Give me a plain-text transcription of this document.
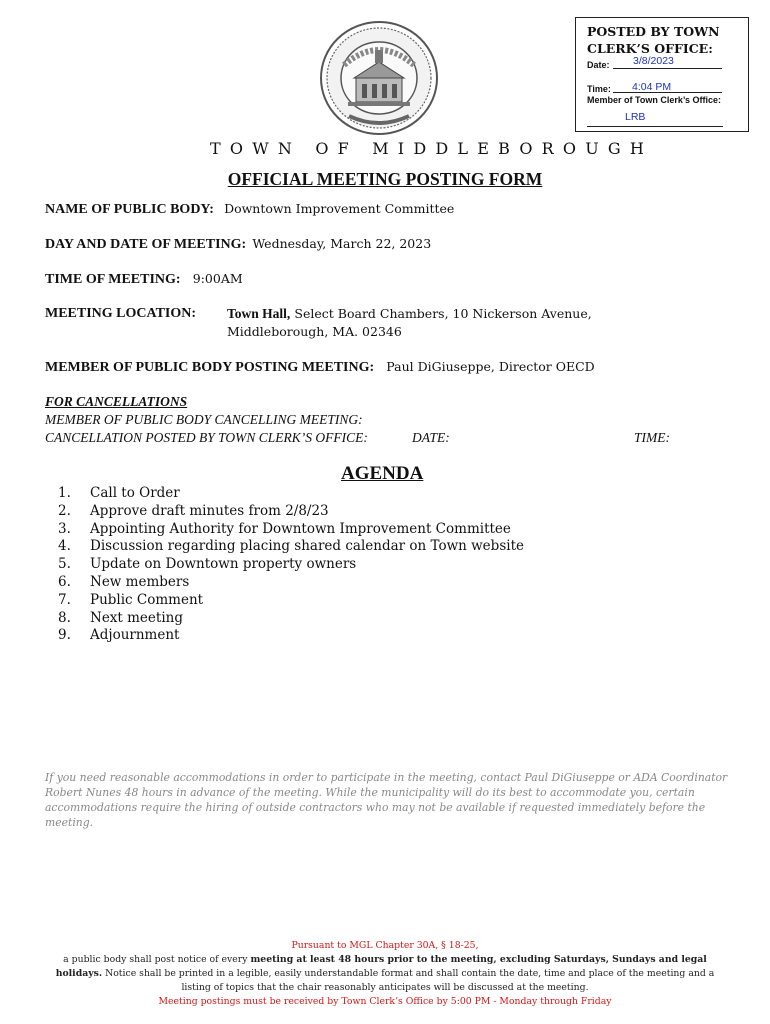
POSTED BY TOWN CLERK’S OFFICE:
Date: 3/8/2023
Time: 4:04 PM
Member of Town Clerk’s Office:
LRB
TOWN OF MIDDLEBOROUGH
OFFICIAL MEETING POSTING FORM
NAME OF PUBLIC BODY: Downtown Improvement Committee
DAY AND DATE OF MEETING: Wednesday, March 22, 2023
TIME OF MEETING: 9:00AM
MEETING LOCATION: Town Hall, Select Board Chambers, 10 Nickerson Avenue,
Middleborough, MA. 02346
MEMBER OF PUBLIC BODY POSTING MEETING: Paul DiGiuseppe, Director OECD
FOR CANCELLATIONS
MEMBER OF PUBLIC BODY CANCELLING MEETING:
CANCELLATION POSTED BY TOWN CLERK’S OFFICE:	DATE:	TIME:
AGENDA
1.	Call to Order
2.	Approve draft minutes from 2/8/23
3.	Appointing Authority for Downtown Improvement Committee
4.	Discussion regarding placing shared calendar on Town website
5.	Update on Downtown property owners
6.	New members
7.	Public Comment
8.	Next meeting
9.	Adjournment
If you need reasonable accommodations in order to participate in the meeting, contact Paul DiGiuseppe or ADA Coordinator Robert Nunes 48 hours in advance of the meeting. While the municipality will do its best to accommodate you, certain accommodations require the hiring of outside contractors who may not be available if requested immediately before the meeting.
Pursuant to MGL Chapter 30A, § 18-25,
a public body shall post notice of every meeting at least 48 hours prior to the meeting, excluding Saturdays, Sundays and legal holidays. Notice shall be printed in a legible, easily understandable format and shall contain the date, time and place of the meeting and a listing of topics that the chair reasonably anticipates will be discussed at the meeting.
Meeting postings must be received by Town Clerk’s Office by 5:00 PM - Monday through Friday
